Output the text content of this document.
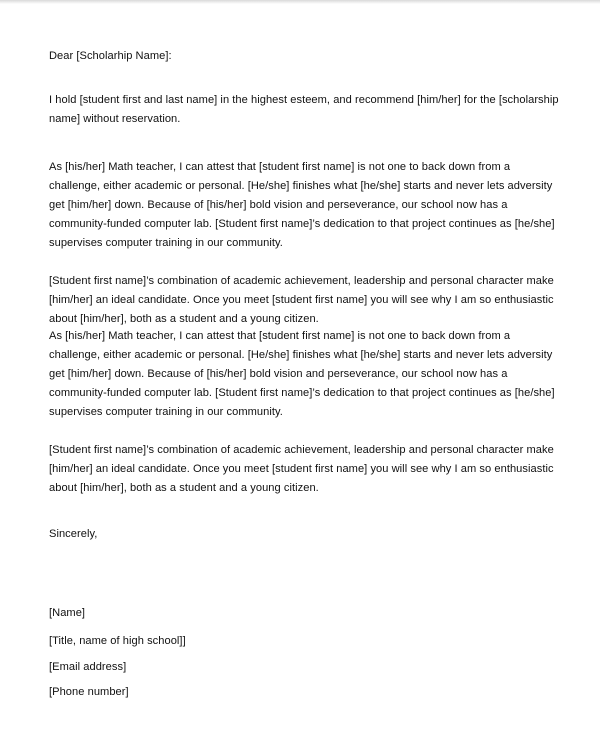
Dear [Scholarhip Name]:

I hold [student first and last name] in the highest esteem, and recommend [him/her] for the [scholarship
name] without reservation.

As [his/her] Math teacher, I can attest that [student first name] is not one to back down from a
challenge, either academic or personal. [He/she] finishes what [he/she] starts and never lets adversity
get [him/her] down. Because of [his/her] bold vision and perseverance, our school now has a
community-funded computer lab. [Student first name]’s dedication to that project continues as [he/she]
supervises computer training in our community.

[Student first name]’s combination of academic achievement, leadership and personal character make
[him/her] an ideal candidate. Once you meet [student first name] you will see why I am so enthusiastic
about [him/her], both as a student and a young citizen.

As [his/her] Math teacher, I can attest that [student first name] is not one to back down from a
challenge, either academic or personal. [He/she] finishes what [he/she] starts and never lets adversity
get [him/her] down. Because of [his/her] bold vision and perseverance, our school now has a
community-funded computer lab. [Student first name]’s dedication to that project continues as [he/she]
supervises computer training in our community.

[Student first name]’s combination of academic achievement, leadership and personal character make
[him/her] an ideal candidate. Once you meet [student first name] you will see why I am so enthusiastic
about [him/her], both as a student and a young citizen.

Sincerely,

[Name]

[Title, name of high school]]

[Email address]

[Phone number]
